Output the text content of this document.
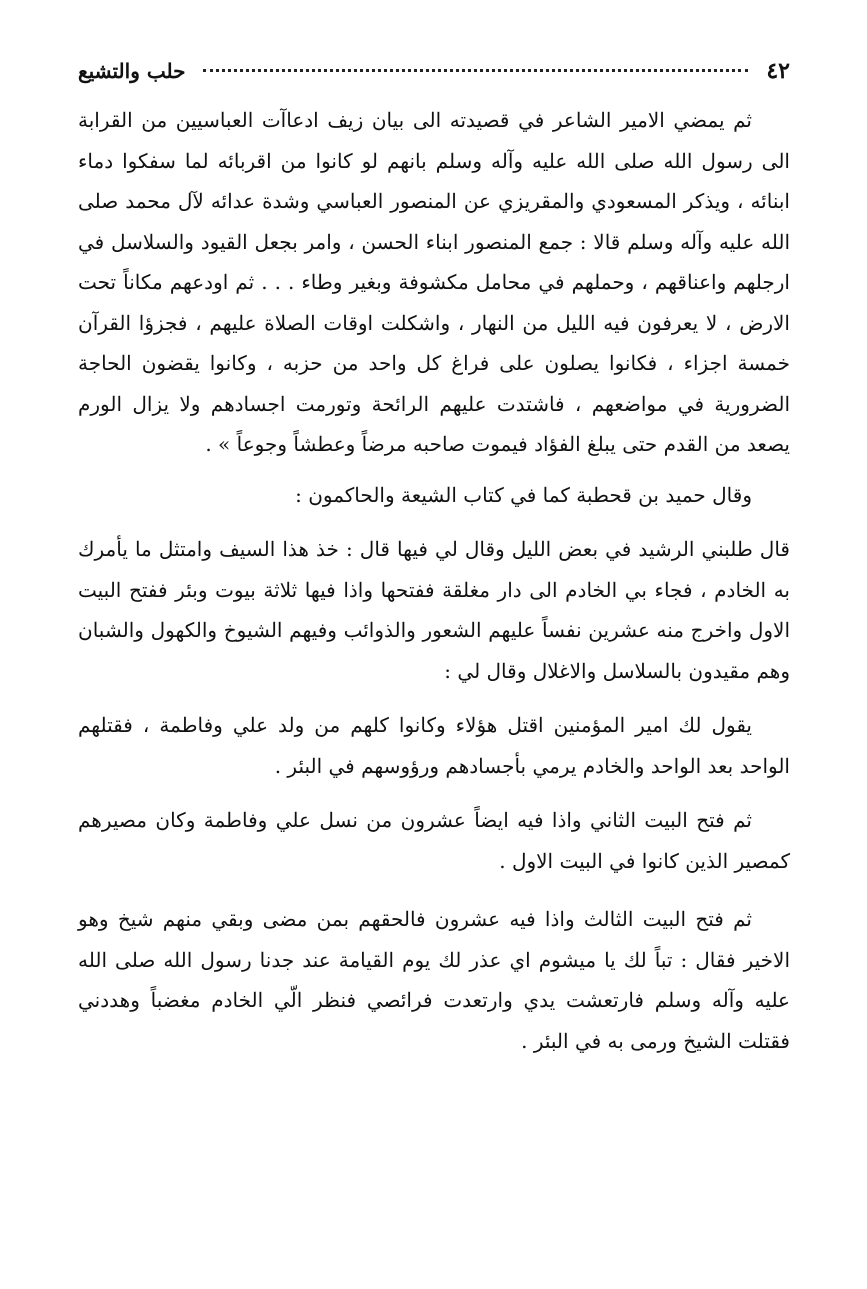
٤٢
حلب والتشيع

ثم يمضي الامير الشاعر في قصيدته الى بيان زيف ادعاآت العباسيين من القرابة الى رسول الله صلى الله عليه وآله وسلم بانهم لو كانوا من اقربائه لما سفكوا دماء ابنائه ، ويذكر المسعودي والمقريزي عن المنصور العباسي وشدة عدائه لآل محمد صلى الله عليه وآله وسلم قالا : جمع المنصور ابناء الحسن ، وامر بجعل القيود والسلاسل في ارجلهم واعناقهم ، وحملهم في محامل مكشوفة وبغير وطاء . . . ثم اودعهم مكاناً تحت الارض ، لا يعرفون فيه الليل من النهار ، واشكلت اوقات الصلاة عليهم ، فجزؤا القرآن خمسة اجزاء ، فكانوا يصلون على فراغ كل واحد من حزبه ، وكانوا يقضون الحاجة الضرورية في مواضعهم ، فاشتدت عليهم الرائحة وتورمت اجسادهم ولا يزال الورم يصعد من القدم حتى يبلغ الفؤاد فيموت صاحبه مرضاً وعطشاً وجوعاً » .

وقال حميد بن قحطبة كما في كتاب الشيعة والحاكمون :

قال طلبني الرشيد في بعض الليل وقال لي فيها قال : خذ هذا السيف وامتثل ما يأمرك به الخادم ، فجاء بي الخادم الى دار مغلقة ففتحها واذا فيها ثلاثة بيوت وبئر ففتح البيت الاول واخرج منه عشرين نفساً عليهم الشعور والذوائب وفيهم الشيوخ والكهول والشبان وهم مقيدون بالسلاسل والاغلال وقال لي :

يقول لك امير المؤمنين اقتل هؤلاء وكانوا كلهم من ولد علي وفاطمة ، فقتلهم الواحد بعد الواحد والخادم يرمي بأجسادهم ورؤوسهم في البئر .

ثم فتح البيت الثاني واذا فيه ايضاً عشرون من نسل علي وفاطمة وكان مصيرهم كمصير الذين كانوا في البيت الاول .

ثم فتح البيت الثالث واذا فيه عشرون فالحقهم بمن مضى وبقي منهم شيخ وهو الاخير فقال : تباً لك يا ميشوم اي عذر لك يوم القيامة عند جدنا رسول الله صلى الله عليه وآله وسلم فارتعشت يدي وارتعدت فرائصي فنظر الّي الخادم مغضباً وهددني فقتلت الشيخ ورمى به في البئر .
